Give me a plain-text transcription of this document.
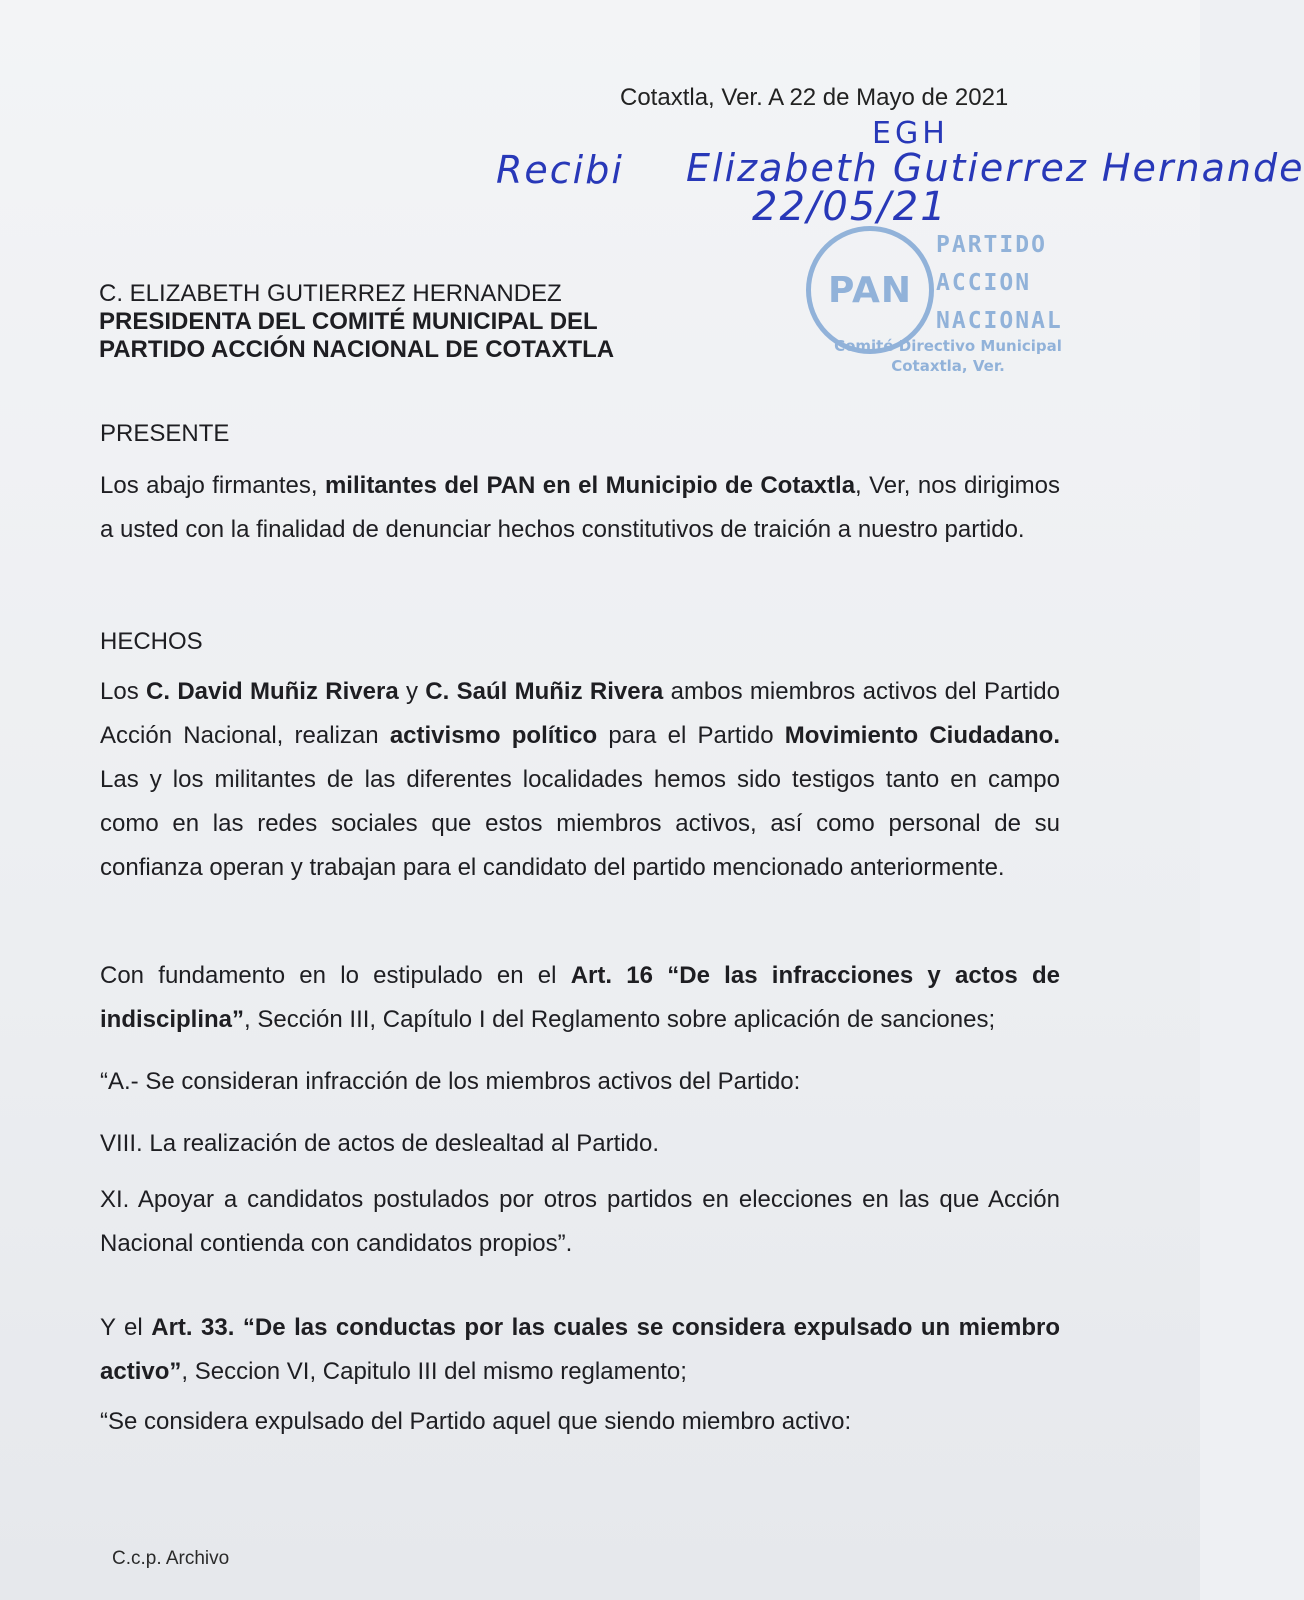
Cotaxtla, Ver. A 22 de Mayo de 2021
EGH
Recibi Elizabeth Gutierrez Hernande
22/05/21
PAN
PARTIDO
ACCION
NACIONAL
Comité Directivo Municipal
Cotaxtla, Ver.
C. ELIZABETH GUTIERREZ HERNANDEZ
PRESIDENTA DEL COMITÉ MUNICIPAL DEL
PARTIDO ACCIÓN NACIONAL DE COTAXTLA
PRESENTE

Los abajo firmantes, militantes del PAN en el Municipio de Cotaxtla, Ver, nos dirigimos a usted con la finalidad de denunciar hechos constitutivos de traición a nuestro partido.

HECHOS

Los C. David Muñiz Rivera y C. Saúl Muñiz Rivera ambos miembros activos del Partido Acción Nacional, realizan activismo político para el Partido Movimiento Ciudadano. Las y los militantes de las diferentes localidades hemos sido testigos tanto en campo como en las redes sociales que estos miembros activos, así como personal de su confianza operan y trabajan para el candidato del partido mencionado anteriormente.

Con fundamento en lo estipulado en el Art. 16 “De las infracciones y actos de indisciplina”, Sección III, Capítulo I del Reglamento sobre aplicación de sanciones;

“A.- Se consideran infracción de los miembros activos del Partido:
VIII. La realización de actos de deslealtad al Partido.

XI. Apoyar a candidatos postulados por otros partidos en elecciones en las que Acción Nacional contienda con candidatos propios”.

Y el Art. 33. “De las conductas por las cuales se considera expulsado un miembro activo”, Seccion VI, Capitulo III del mismo reglamento;

“Se considera expulsado del Partido aquel que siendo miembro activo:
C.c.p. Archivo
